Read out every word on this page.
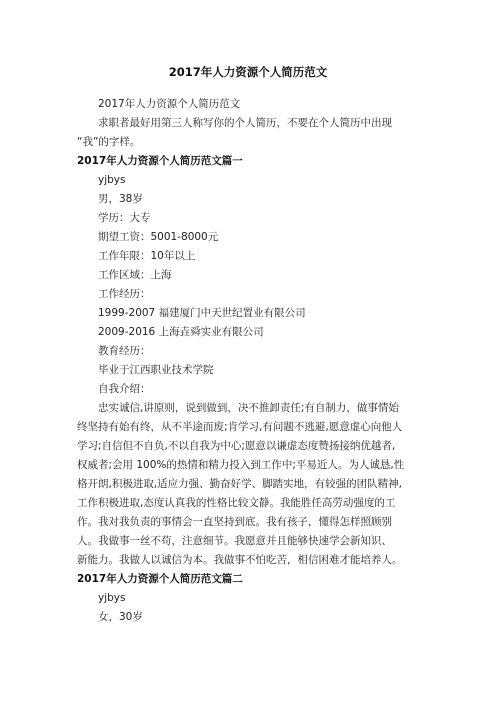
2017年人力资源个人简历范文
2017年人力资源个人简历范文
求职者最好用第三人称写你的个人简历，不要在个人简历中出现
“我”的字样。
2017年人力资源个人简历范文篇一
yjbys
男，38岁
学历：大专
期望工资：5001-8000元
工作年限：10年以上
工作区域：上海
工作经历：
1999-2007 福建厦门中天世纪置业有限公司
2009-2016 上海垚舜实业有限公司
教育经历：
毕业于江西职业技术学院
自我介绍：
忠实诚信,讲原则，说到做到，决不推卸责任;有自制力，做事情始
终坚持有始有终，从不半途而废;肯学习,有问题不逃避,愿意虚心向他人
学习;自信但不自负,不以自我为中心;愿意以谦虚态度赞扬接纳优越者,
权威者;会用 100%的热情和精力投入到工作中;平易近人。为人诚恳,性
格开朗,积极进取,适应力强、勤奋好学、脚踏实地，有较强的团队精神,
工作积极进取,态度认真我的性格比较文静。我能胜任高劳动强度的工
作。我对我负责的事情会一直坚持到底。我有孩子，懂得怎样照顾别
人。我做事一丝不苟，注意细节。我愿意并且能够快速学会新知识、
新能力。我做人以诚信为本。我做事不怕吃苦，相信困难才能培养人。
2017年人力资源个人简历范文篇二
yjbys
女，30岁
